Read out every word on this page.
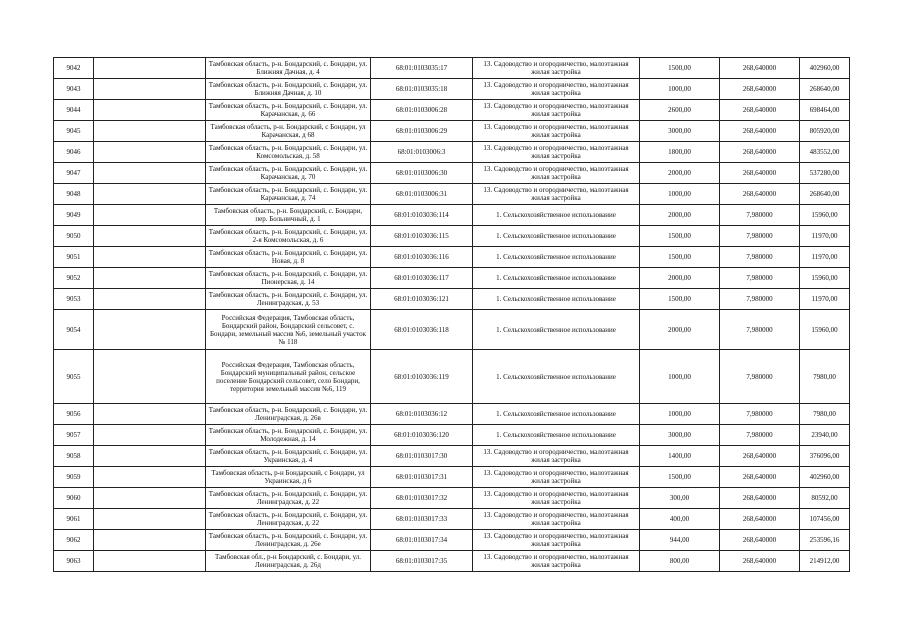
9042		Тамбовская область, р-н. Бондарский, с. Бондари, ул. Ближняя Дачная, д. 4	68:01:0103035:17	13. Садоводство и огородничество, малоэтажная жилая застройка	1500,00	268,640000	402960,00
9043		Тамбовская область, р-н. Бондарский, с. Бондари, ул. Ближняя Дачная, д. 10	68:01:0103035:18	13. Садоводство и огородничество, малоэтажная жилая застройка	1000,00	268,640000	268640,00
9044		Тамбовская область, р-н. Бондарский, с. Бондари, ул. Карачанская, д. 66	68:01:0103006:28	13. Садоводство и огородничество, малоэтажная жилая застройка	2600,00	268,640000	698464,00
9045		Тамбовская область, р-н. Бондарский, с Бондари, ул Карачанская, д 68	68:01:0103006:29	13. Садоводство и огородничество, малоэтажная жилая застройка	3000,00	268,640000	805920,00
9046		Тамбовская область, р-н. Бондарский, с. Бондари, ул. Комсомольская, д. 58	68:01:0103006:3	13. Садоводство и огородничество, малоэтажная жилая застройка	1800,00	268,640000	483552,00
9047		Тамбовская область, р-н. Бондарский, с. Бондари, ул. Карачанская, д. 70	68:01:0103006:30	13. Садоводство и огородничество, малоэтажная жилая застройка	2000,00	268,640000	537280,00
9048		Тамбовская область, р-н. Бондарский, с. Бондари, ул. Карачанская, д. 74	68:01:0103006:31	13. Садоводство и огородничество, малоэтажная жилая застройка	1000,00	268,640000	268640,00
9049		Тамбовская область, р-н. Бондарский, с. Бондари, пер. Больничный, д. 1	68:01:0103036:114	1. Сельскохозяйственное использование	2000,00	7,980000	15960,00
9050		Тамбовская область, р-н. Бондарский, с. Бондари, ул. 2-я Комсомольская, д. 6	68:01:0103036:115	1. Сельскохозяйственное использование	1500,00	7,980000	11970,00
9051		Тамбовская область, р-н. Бондарский, с. Бондари, ул. Новая, д. 8	68:01:0103036:116	1. Сельскохозяйственное использование	1500,00	7,980000	11970,00
9052		Тамбовская область, р-н. Бондарский, с. Бондари, ул. Пионерская, д. 14	68:01:0103036:117	1. Сельскохозяйственное использование	2000,00	7,980000	15960,00
9053		Тамбовская область, р-н. Бондарский, с. Бондари, ул. Ленинградская, д. 53	68:01:0103036:121	1. Сельскохозяйственное использование	1500,00	7,980000	11970,00
9054		Российская Федерация, Тамбовская область, Бондарский район, Бондарский сельсовет, с. Бондари, земельный массив №6, земельный участок № 118	68:01:0103036:118	1. Сельскохозяйственное использование	2000,00	7,980000	15960,00
9055		Российская Федерация, Тамбовская область, Бондарский муниципальный район, сельское поселение Бондарский сельсовет, село Бондари, территория земельный массив №6, 119	68:01:0103036:119	1. Сельскохозяйственное использование	1000,00	7,980000	7980,00
9056		Тамбовская область, р-н. Бондарский, с. Бондари, ул. Ленинградская, д. 26в	68:01:0103036:12	1. Сельскохозяйственное использование	1000,00	7,980000	7980,00
9057		Тамбовская область, р-н. Бондарский, с. Бондари, ул. Молодежная, д. 14	68:01:0103036:120	1. Сельскохозяйственное использование	3000,00	7,980000	23940,00
9058		Тамбовская область, р-н. Бондарский, с. Бондари, ул. Украинская, д. 4	68:01:0103017:30	13. Садоводство и огородничество, малоэтажная жилая застройка	1400,00	268,640000	376096,00
9059		Тамбовская область, р-н Бондарский, с Бондари, ул Украинская, д 6	68:01:0103017:31	13. Садоводство и огородничество, малоэтажная жилая застройка	1500,00	268,640000	402960,00
9060		Тамбовская область, р-н. Бондарский, с. Бондари, ул. Ленинградская, д. 22	68:01:0103017:32	13. Садоводство и огородничество, малоэтажная жилая застройка	300,00	268,640000	80592,00
9061		Тамбовская область, р-н. Бондарский, с. Бондари, ул. Ленинградская, д. 22	68:01:0103017:33	13. Садоводство и огородничество, малоэтажная жилая застройка	400,00	268,640000	107456,00
9062		Тамбовская область, р-н. Бондарский, с. Бондари, ул. Ленинградская, д. 26е	68:01:0103017:34	13. Садоводство и огородничество, малоэтажная жилая застройка	944,00	268,640000	253596,16
9063		Тамбовская обл., р-н Бондарский, с. Бондари, ул. Ленинградская, д. 26д	68:01:0103017:35	13. Садоводство и огородничество, малоэтажная жилая застройка	800,00	268,640000	214912,00
